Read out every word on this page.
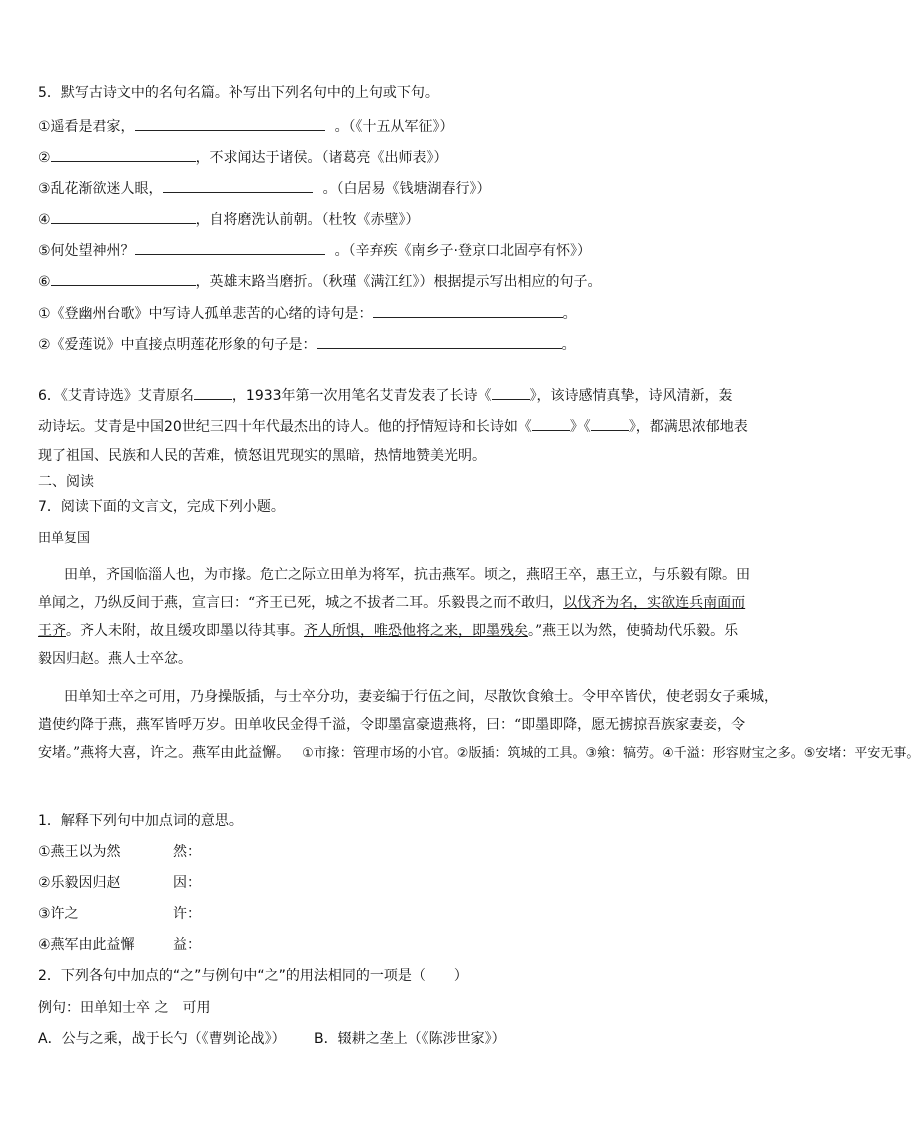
5．默写古诗文中的名句名篇。补写出下列名句中的上句或下句。
①遥看是君家，	。（《十五从军征》）
②	，不求闻达于诸侯。（诸葛亮《出师表》）
③乱花渐欲迷人眼，	。（白居易《钱塘湖春行》）
④	，自将磨洗认前朝。（杜牧《赤壁》）
⑤何处望神州？	。（辛弃疾《南乡子·登京口北固亭有怀》）
⑥	，英雄末路当磨折。（秋瑾《满江红》）根据提示写出相应的句子。
①《登幽州台歌》中写诗人孤单悲苦的心绪的诗句是：	。
②《爱莲说》中直接点明莲花形象的句子是：	。
6．《艾青诗选》艾青原名	，1933年第一次用笔名艾青发表了长诗《	》，该诗感情真挚，诗风清新，轰
动诗坛。艾青是中国20世纪三四十年代最杰出的诗人。他的抒情短诗和长诗如《	》《	》，都满思浓郁地表
现了祖国、民族和人民的苦难，愤怒诅咒现实的黑暗，热情地赞美光明。
二、阅读
7．阅读下面的文言文，完成下列小题。
田单复国
田单，齐国临淄人也，为市掾。危亡之际立田单为将军，抗击燕军。顷之，燕昭王卒，惠王立，与乐毅有隙。田
单闻之，乃纵反间于燕，宣言曰：“齐王已死，城之不拔者二耳。乐毅畏之而不敢归，以伐齐为名，实欲连兵南面而
王齐。齐人未附，故且缓攻即墨以待其事。齐人所惧，唯恐他将之来，即墨残矣。”燕王以为然，使骑劫代乐毅。乐
毅因归赵。燕人士卒忿。
田单知士卒之可用，乃身操版插，与士卒分功，妻妾编于行伍之间，尽散饮食飨士。令甲卒皆伏，使老弱女子乘城，
遣使约降于燕，燕军皆呼万岁。田单收民金得千溢，令即墨富豪遗燕将，曰：“即墨即降，愿无掳掠吾族家妻妾，令
安堵。”燕将大喜，许之。燕军由此益懈。 ①市掾：管理市场的小官。②版插：筑城的工具。③飨：犒劳。④千溢：形容财宝之多。⑤安堵：平安无事。
1．解释下列句中加点词的意思。
①燕王以为然	然：
②乐毅因归赵	因：
③许之	许：
④燕军由此益懈	益：
2．下列各句中加点的“之”与例句中“之”的用法相同的一项是（　　）
例句：田单知士卒 之　可用
A．公与之乘，战于长勺（《曹刿论战》） B．辍耕之垄上（《陈涉世家》）
